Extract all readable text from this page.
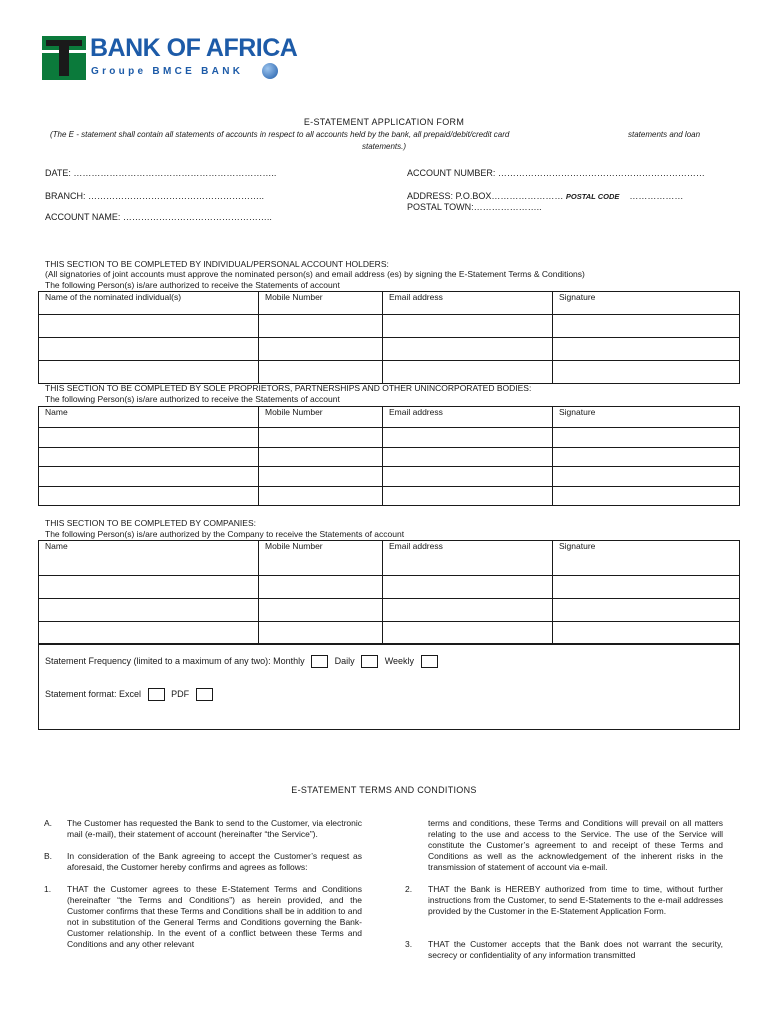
BANK OF AFRICA
Groupe BMCE BANK
E-STATEMENT APPLICATION FORM
(The E - statement shall contain all statements of accounts in respect to all accounts held by the bank, all prepaid/debit/credit card	statements and loan
statements.)
DATE: …………………………………………………………..
BRANCH: …………………………………………………..
ACCOUNT NAME: …………………………………………..
ACCOUNT NUMBER: ……………………………………………………………
ADDRESS: P.O.BOX…………………… POSTAL CODE ………………
POSTAL TOWN:…………………..
THIS SECTION TO BE COMPLETED BY INDIVIDUAL/PERSONAL ACCOUNT HOLDERS:
(All signatories of joint accounts must approve the nominated person(s) and email address (es) by signing the E-Statement Terms & Conditions)
The following Person(s) is/are authorized to receive the Statements of account
Name of the nominated individual(s)	Mobile Number	Email address	Signature

THIS SECTION TO BE COMPLETED BY SOLE PROPRIETORS, PARTNERSHIPS AND OTHER UNINCORPORATED BODIES:
The following Person(s) is/are authorized to receive the Statements of account
Name	Mobile Number	Email address	Signature

THIS SECTION TO BE COMPLETED BY COMPANIES:
The following Person(s) is/are authorized by the Company to receive the Statements of account
Name	Mobile Number	Email address	Signature

Statement Frequency (limited to a maximum of any two): Monthly	Daily	Weekly
Statement format: Excel	PDF
E-STATEMENT TERMS AND CONDITIONS
A.	The Customer has requested the Bank to send to the Customer, via electronic mail (e-mail), their statement of account (hereinafter “the Service”).
B.	In consideration of the Bank agreeing to accept the Customer’s request as aforesaid, the Customer hereby confirms and agrees as follows:
1.	THAT the Customer agrees to these E-Statement Terms and Conditions (hereinafter “the Terms and Conditions”) as herein provided, and the Customer confirms that these Terms and Conditions shall be in addition to and not in substitution of the General Terms and Conditions governing the Bank-Customer relationship. In the event of a conflict between these Terms and Conditions and any other relevant
terms and conditions, these Terms and Conditions will prevail on all matters relating to the use and access to the Service. The use of the Service will constitute the Customer’s agreement to and receipt of these Terms and Conditions as well as the acknowledgement of the inherent risks in the transmission of statement of account via e-mail.
2.	THAT the Bank is HEREBY authorized from time to time, without further instructions from the Customer, to send E-Statements to the e-mail addresses provided by the Customer in the E-Statement Application Form.
3.	THAT the Customer accepts that the Bank does not warrant the security, secrecy or confidentiality of any information transmitted
